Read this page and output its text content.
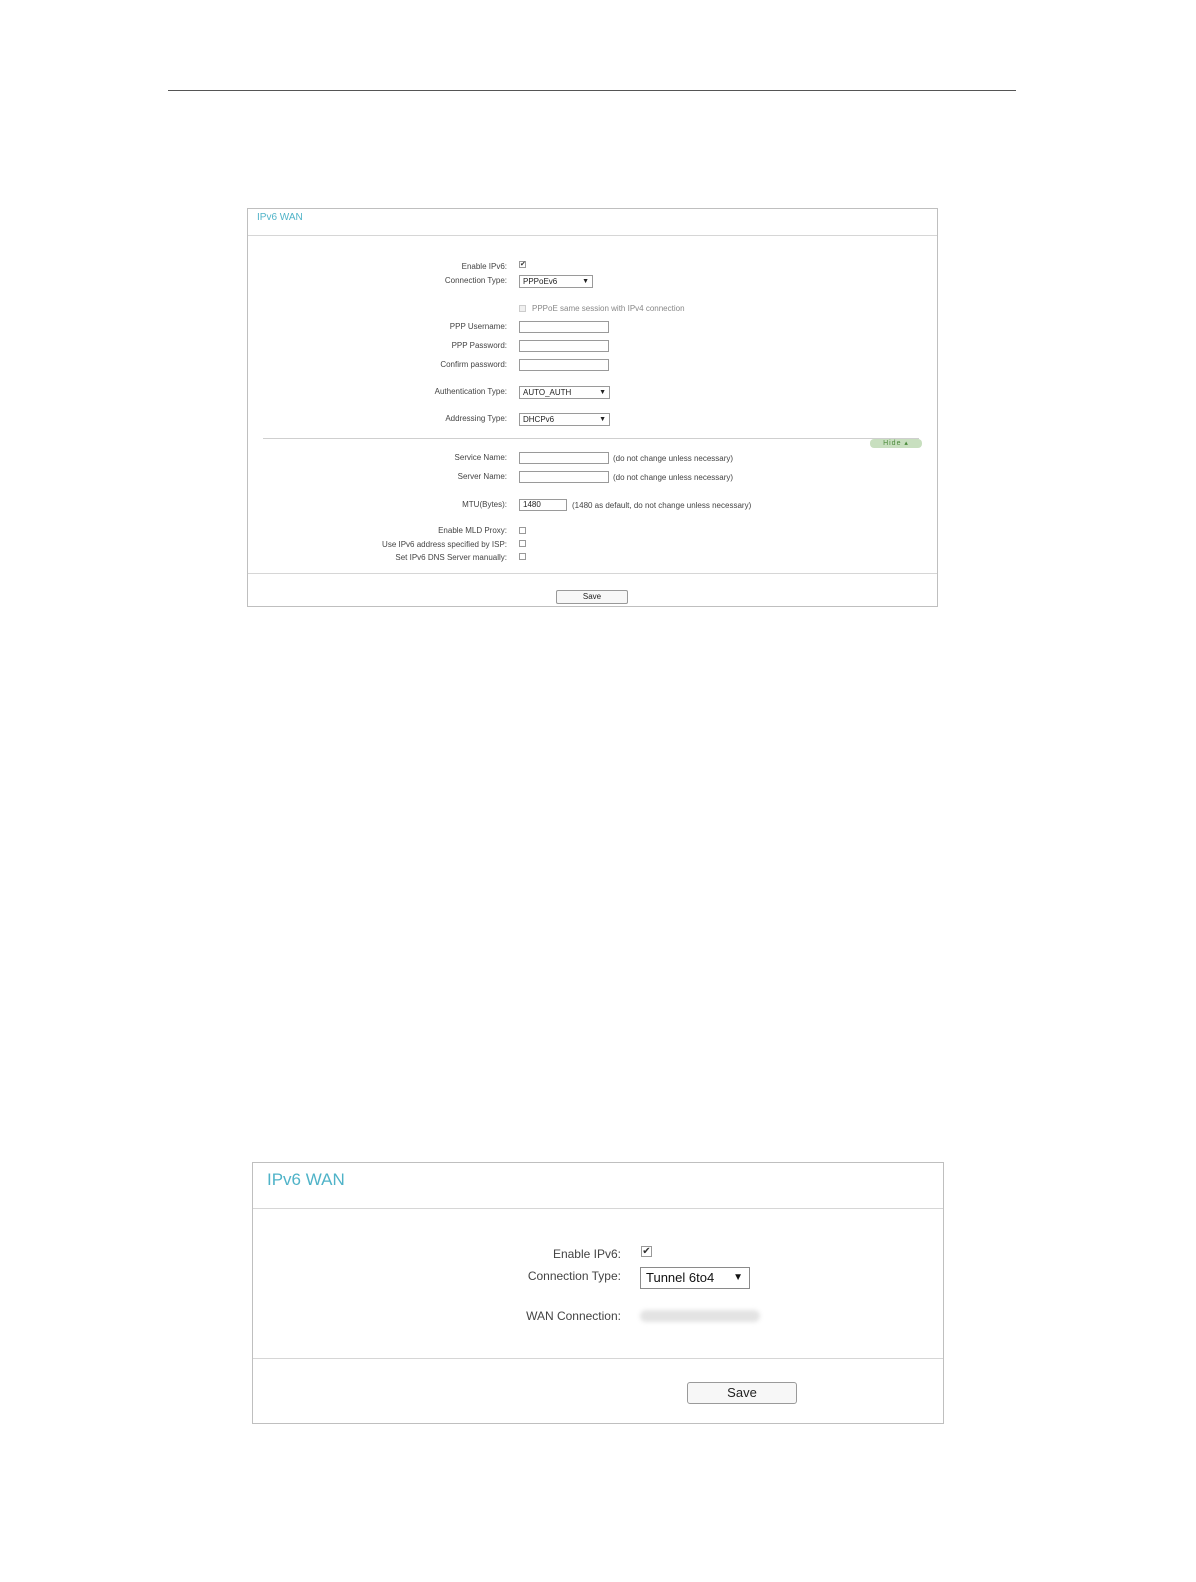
IPv6 WAN
Enable IPv6: ✔
Connection Type:	PPPoEv6	▼
PPPoE same session with IPv4 connection
PPP Username:
PPP Password:
Confirm password:
Authentication Type:	AUTO_AUTH	▼
Addressing Type:	DHCPv6	▼
Hide ▴
Service Name:	(do not change unless necessary)
Server Name:	(do not change unless necessary)
MTU(Bytes):	1480	(1480 as default, do not change unless necessary)
Enable MLD Proxy:
Use IPv6 address specified by ISP:
Set IPv6 DNS Server manually:
Save
IPv6 WAN
Enable IPv6: ✔
Connection Type:	Tunnel 6to4 ▼
WAN Connection:
Save
